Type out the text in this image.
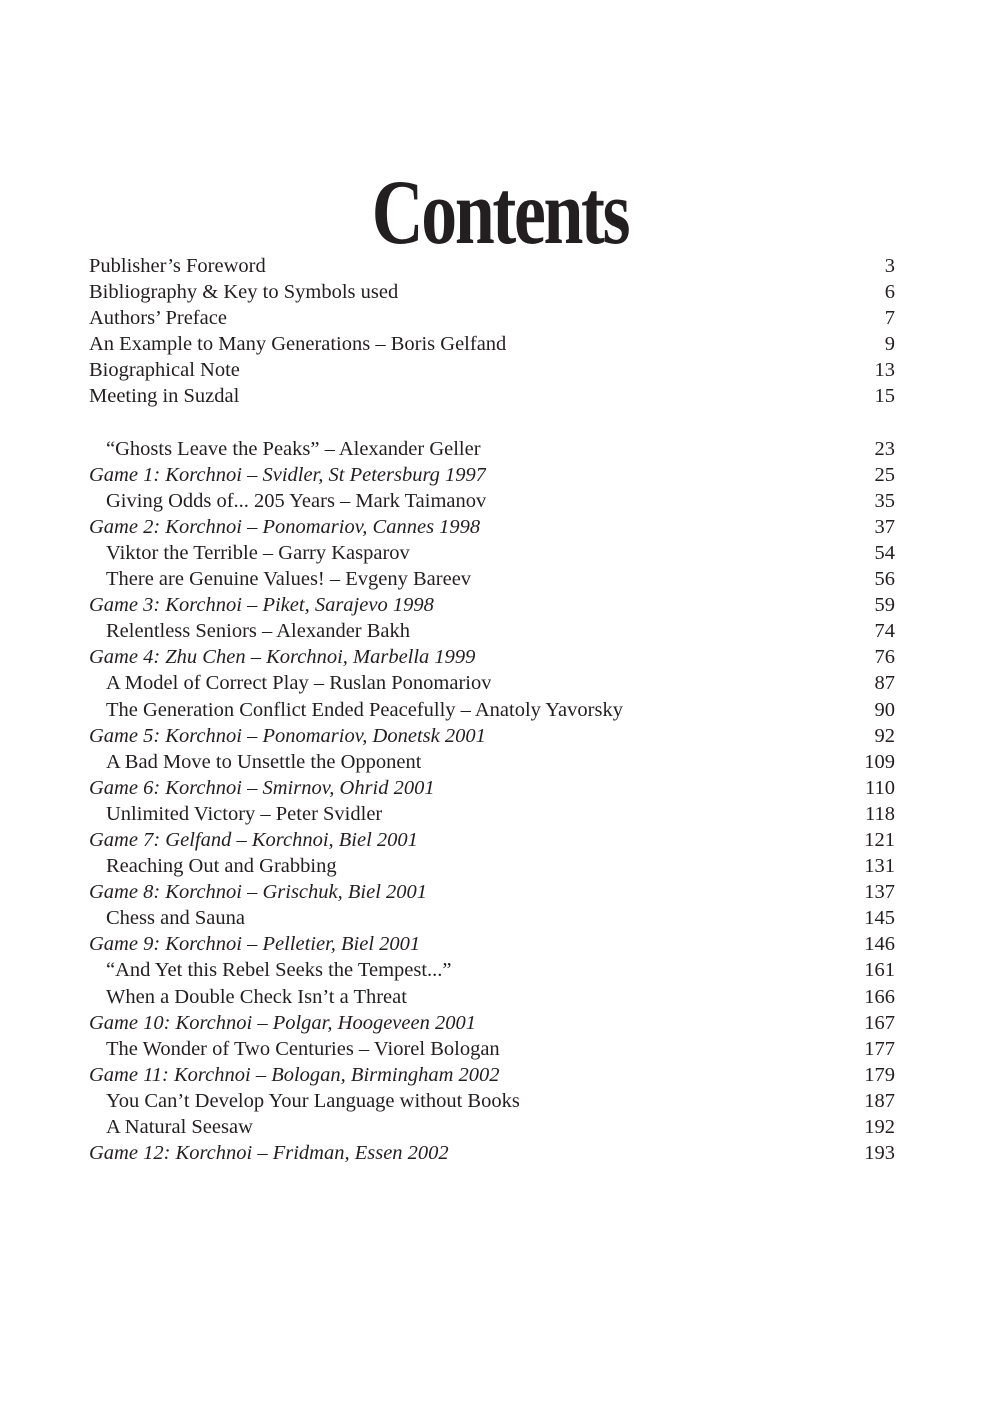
Contents
Publisher’s Foreword	3
Bibliography & Key to Symbols used	6
Authors’ Preface	7
An Example to Many Generations – Boris Gelfand	9
Biographical Note	13
Meeting in Suzdal	15
“Ghosts Leave the Peaks” – Alexander Geller	23
Game 1: Korchnoi – Svidler, St Petersburg 1997	25
Giving Odds of... 205 Years – Mark Taimanov	35
Game 2: Korchnoi – Ponomariov, Cannes 1998	37
Viktor the Terrible – Garry Kasparov	54
There are Genuine Values! – Evgeny Bareev	56
Game 3: Korchnoi – Piket, Sarajevo 1998	59
Relentless Seniors – Alexander Bakh	74
Game 4: Zhu Chen – Korchnoi, Marbella 1999	76
A Model of Correct Play – Ruslan Ponomariov	87
The Generation Conflict Ended Peacefully – Anatoly Yavorsky	90
Game 5: Korchnoi – Ponomariov, Donetsk 2001	92
A Bad Move to Unsettle the Opponent	109
Game 6: Korchnoi – Smirnov, Ohrid 2001	110
Unlimited Victory – Peter Svidler	118
Game 7: Gelfand – Korchnoi, Biel 2001	121
Reaching Out and Grabbing	131
Game 8: Korchnoi – Grischuk, Biel 2001	137
Chess and Sauna	145
Game 9: Korchnoi – Pelletier, Biel 2001	146
“And Yet this Rebel Seeks the Tempest...”	161
When a Double Check Isn’t a Threat	166
Game 10: Korchnoi – Polgar, Hoogeveen 2001	167
The Wonder of Two Centuries – Viorel Bologan	177
Game 11: Korchnoi – Bologan, Birmingham 2002	179
You Can’t Develop Your Language without Books	187
A Natural Seesaw	192
Game 12: Korchnoi – Fridman, Essen 2002	193
